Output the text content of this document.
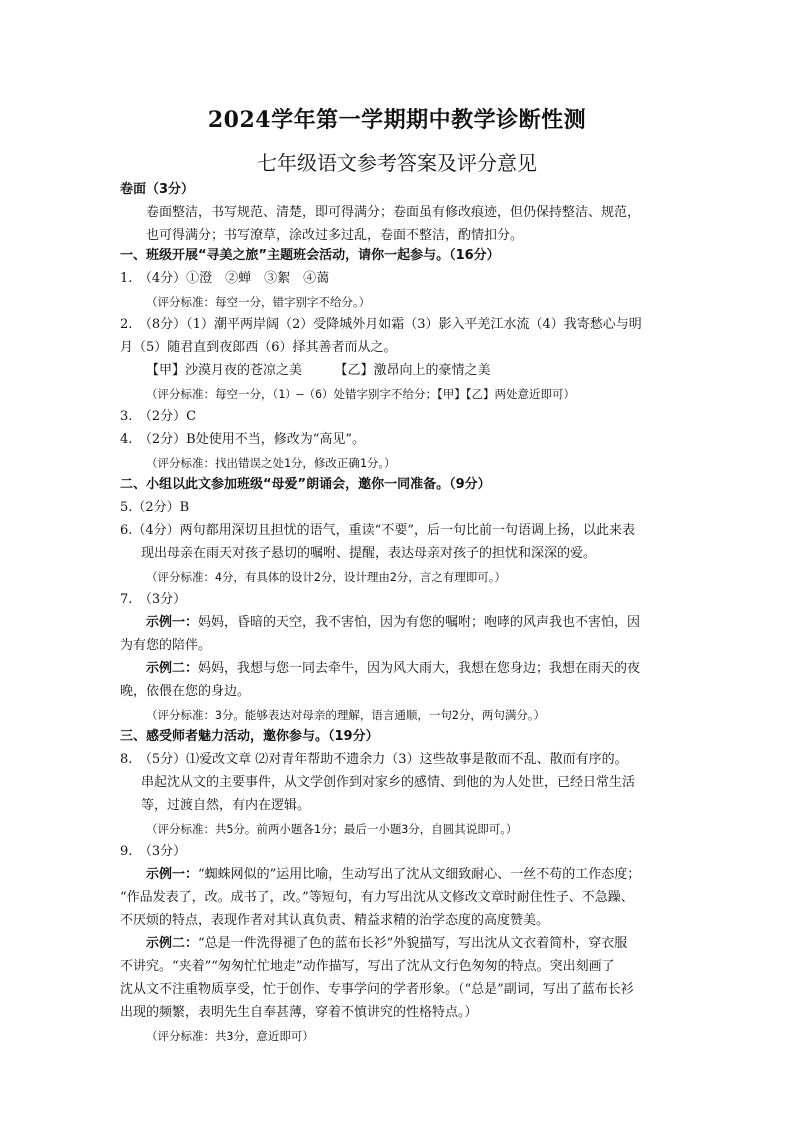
2024学年第一学期期中教学诊断性测
七年级语文参考答案及评分意见
卷面（3分）
卷面整洁，书写规范、清楚，即可得满分；卷面虽有修改痕迹，但仍保持整洁、规范，
也可得满分；书写潦草，涂改过多过乱，卷面不整洁，酌情扣分。
一、班级开展“寻美之旅”主题班会活动，请你一起参与。（16分）
1.　（4分）①澄　②蝉　③絮　④蔼
（评分标准：每空一分，错字别字不给分。）
2.　（8分）（1）潮平两岸阔（2）受降城外月如霜（3）影入平羌江水流（4）我寄愁心与明
月（5）随君直到夜郎西（6）择其善者而从之。
【甲】沙漠月夜的苍凉之美　　　【乙】激昂向上的豪情之美
（评分标准：每空一分，（1）—（6）处错字别字不给分；【甲】【乙】两处意近即可）
3.　（2分）C
4.　（2分）B处使用不当，修改为“高见”。
（评分标准：找出错误之处1分，修改正确1分。）
二、小组以此文参加班级“母爱”朗诵会，邀你一同准备。（9分）
5.（2分）B
6.（4分）两句都用深切且担忧的语气，重读“不要”，后一句比前一句语调上扬，以此来表
现出母亲在雨天对孩子悬切的嘱咐、提醒，表达母亲对孩子的担忧和深深的爱。
（评分标准：4分，有具体的设计2分，设计理由2分，言之有理即可。）
7.　（3分）
示例一：妈妈，昏暗的天空，我不害怕，因为有您的嘱咐；咆哮的风声我也不害怕，因
为有您的陪伴。
示例二：妈妈，我想与您一同去牵牛，因为风大雨大，我想在您身边；我想在雨天的夜
晚，依偎在您的身边。
（评分标准：3分。能够表达对母亲的理解，语言通顺，一句2分，两句满分。）
三、感受师者魅力活动，邀你参与。（19分）
8.　（5分）⑴爱改文章 ⑵对青年帮助不遗余力（3）这些故事是散而不乱、散而有序的。
串起沈从文的主要事件，从文学创作到对家乡的感情、到他的为人处世，已经日常生活
等，过渡自然，有内在逻辑。
（评分标准：共5分。前两小题各1分；最后一小题3分，自圆其说即可。）
9.　（3分）
示例一：“蜘蛛网似的”运用比喻，生动写出了沈从文细致耐心、一丝不苟的工作态度；
“作品发表了，改。成书了，改。”等短句，有力写出沈从文修改文章时耐住性子、不急躁、
不厌烦的特点，表现作者对其认真负责、精益求精的治学态度的高度赞美。
示例二：“总是一件洗得褪了色的蓝布长衫”外貌描写，写出沈从文衣着简朴，穿衣服
不讲究。“夹着”“匆匆忙忙地走”动作描写，写出了沈从文行色匆匆的特点。突出刻画了
沈从文不注重物质享受，忙于创作、专事学问的学者形象。（“总是”副词，写出了蓝布长衫
出现的频繁，表明先生自奉甚薄，穿着不慎讲究的性格特点。）
（评分标准：共3分，意近即可）
